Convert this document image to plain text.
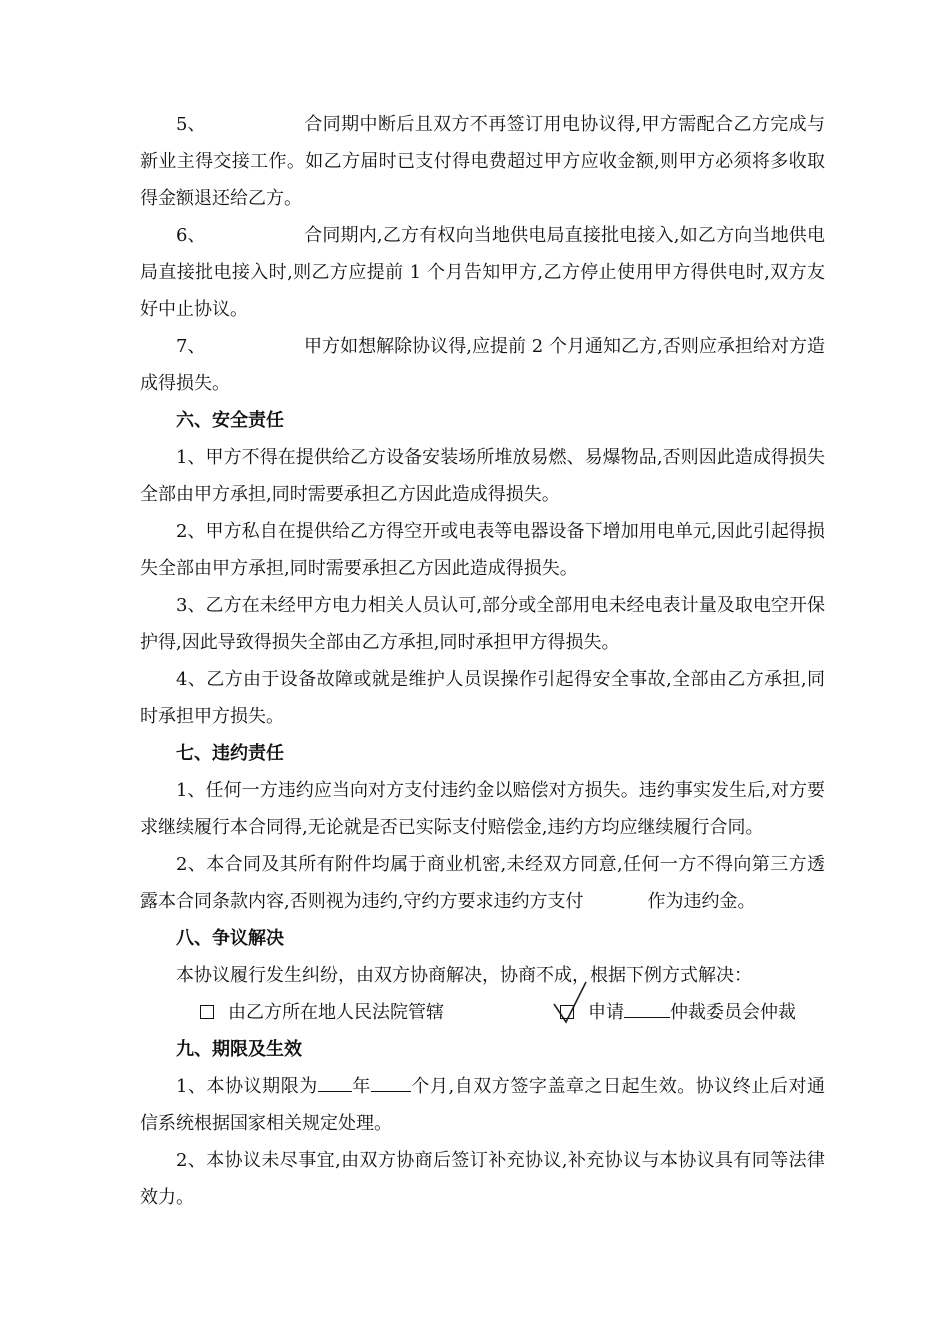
5、	合同期中断后且双方不再签订用电协议得,甲方需配合乙方完成与新业主得交接工作。如乙方届时已支付得电费超过甲方应收金额,则甲方必须将多收取得金额退还给乙方。

6、	合同期内,乙方有权向当地供电局直接批电接入,如乙方向当地供电局直接批电接入时,则乙方应提前 1 个月告知甲方,乙方停止使用甲方得供电时,双方友好中止协议。

7、	甲方如想解除协议得,应提前 2 个月通知乙方,否则应承担给对方造成得损失。

六、安全责任

1、甲方不得在提供给乙方设备安装场所堆放易燃、易爆物品,否则因此造成得损失全部由甲方承担,同时需要承担乙方因此造成得损失。

2、甲方私自在提供给乙方得空开或电表等电器设备下增加用电单元,因此引起得损失全部由甲方承担,同时需要承担乙方因此造成得损失。

3、乙方在未经甲方电力相关人员认可,部分或全部用电未经电表计量及取电空开保护得,因此导致得损失全部由乙方承担,同时承担甲方得损失。

4、乙方由于设备故障或就是维护人员误操作引起得安全事故,全部由乙方承担,同时承担甲方损失。

七、违约责任

1、任何一方违约应当向对方支付违约金以赔偿对方损失。违约事实发生后,对方要求继续履行本合同得,无论就是否已实际支付赔偿金,违约方均应继续履行合同。

2、本合同及其所有附件均属于商业机密,未经双方同意,任何一方不得向第三方透露本合同条款内容,否则视为违约,守约方要求违约方支付	作为违约金。

八、争议解决

本协议履行发生纠纷，由双方协商解决，协商不成，根据下例方式解决：

由乙方所在地人民法院管辖	申请	仲裁委员会仲裁

九、期限及生效

1、本协议期限为 年 个月,自双方签字盖章之日起生效。协议终止后对通信系统根据国家相关规定处理。

2、本协议未尽事宜,由双方协商后签订补充协议,补充协议与本协议具有同等法律效力。
